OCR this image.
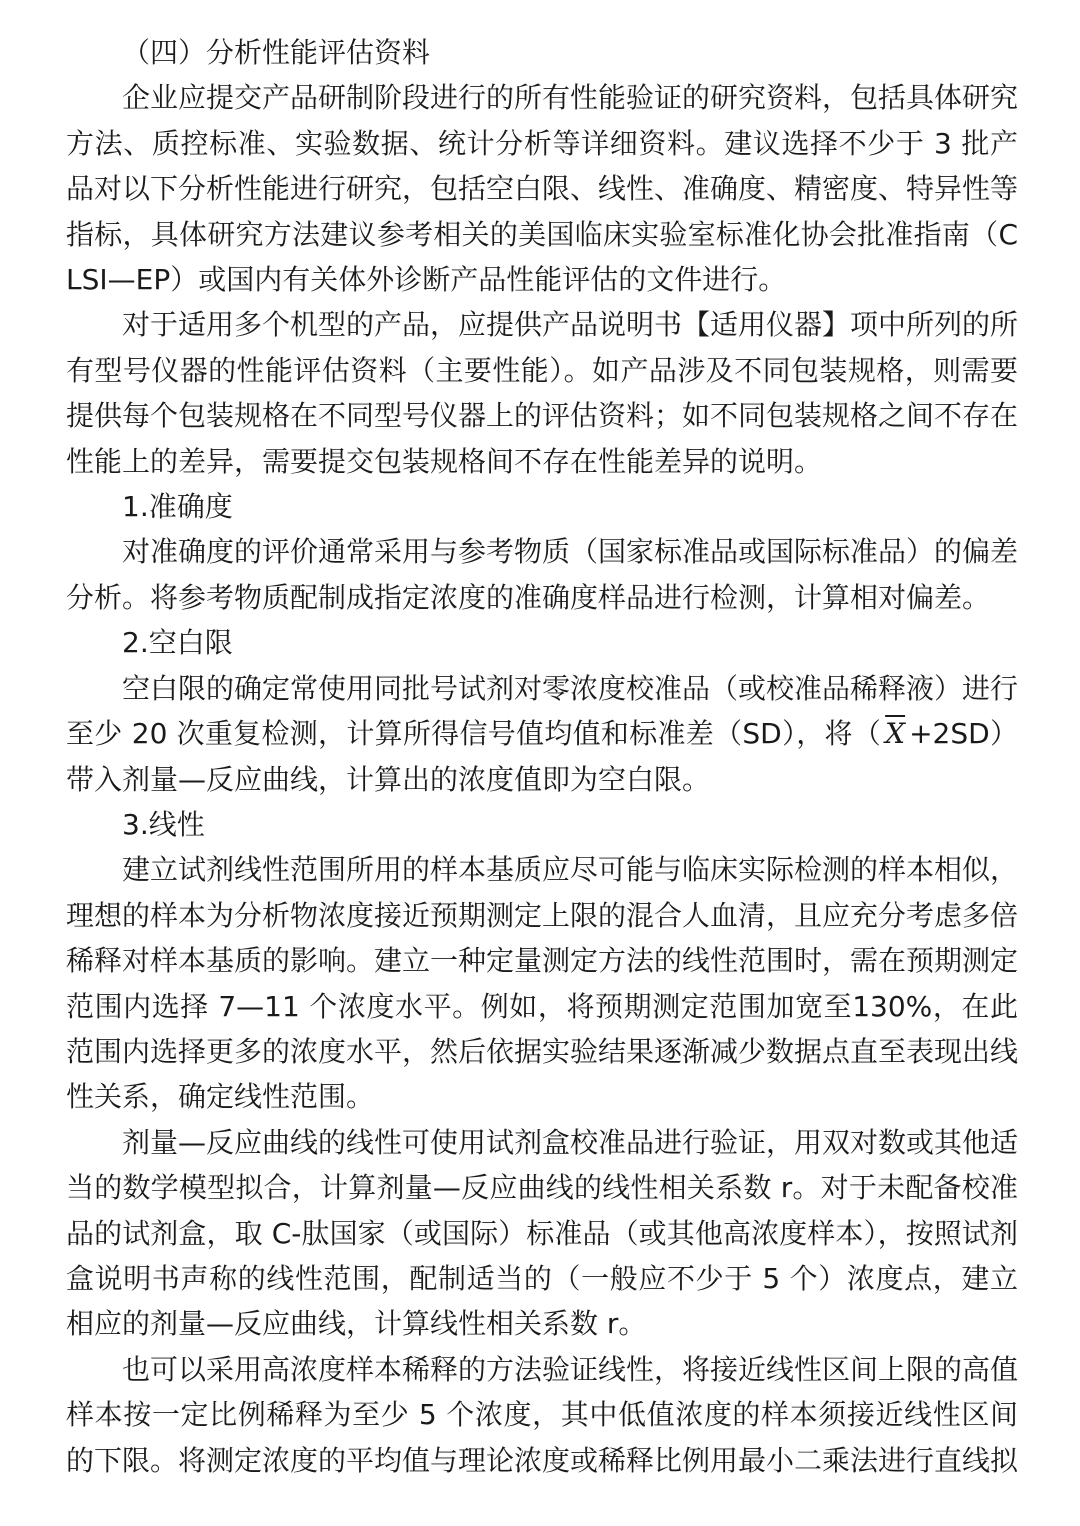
（四）分析性能评估资料

企业应提交产品研制阶段进行的所有性能验证的研究资料，包括具体研究方法、质控标准、实验数据、统计分析等详细资料。建议选择不少于 3 批产品对以下分析性能进行研究，包括空白限、线性、准确度、精密度、特异性等指标，具体研究方法建议参考相关的美国临床实验室标准化协会批准指南（CLSI—EP）或国内有关体外诊断产品性能评估的文件进行。

对于适用多个机型的产品，应提供产品说明书【适用仪器】项中所列的所有型号仪器的性能评估资料（主要性能）。如产品涉及不同包装规格，则需要提供每个包装规格在不同型号仪器上的评估资料；如不同包装规格之间不存在性能上的差异，需要提交包装规格间不存在性能差异的说明。

1.准确度

对准确度的评价通常采用与参考物质（国家标准品或国际标准品）的偏差分析。将参考物质配制成指定浓度的准确度样品进行检测，计算相对偏差。

2.空白限

空白限的确定常使用同批号试剂对零浓度校准品（或校准品稀释液）进行至少 20 次重复检测，计算所得信号值均值和标准差（SD），将（ $\overline{X} +2SD$）带入剂量—反应曲线，计算出的浓度值即为空白限。

3.线性

建立试剂线性范围所用的样本基质应尽可能与临床实际检测的样本相似，理想的样本为分析物浓度接近预期测定上限的混合人血清，且应充分考虑多倍稀释对样本基质的影响。建立一种定量测定方法的线性范围时，需在预期测定范围内选择 7—11 个浓度水平。例如，将预期测定范围加宽至130%，在此范围内选择更多的浓度水平，然后依据实验结果逐渐减少数据点直至表现出线性关系，确定线性范围。

剂量—反应曲线的线性可使用试剂盒校准品进行验证，用双对数或其他适当的数学模型拟合，计算剂量—反应曲线的线性相关系数 r。对于未配备校准品的试剂盒，取 C-肽国家（或国际）标准品（或其他高浓度样本），按照试剂盒说明书声称的线性范围，配制适当的（一般应不少于 5 个）浓度点，建立相应的剂量—反应曲线，计算线性相关系数 r。

也可以采用高浓度样本稀释的方法验证线性，将接近线性区间上限的高值样本按一定比例稀释为至少 5 个浓度，其中低值浓度的样本须接近线性区间的下限。将测定浓度的平均值与理论浓度或稀释比例用最小二乘法进行直线拟
